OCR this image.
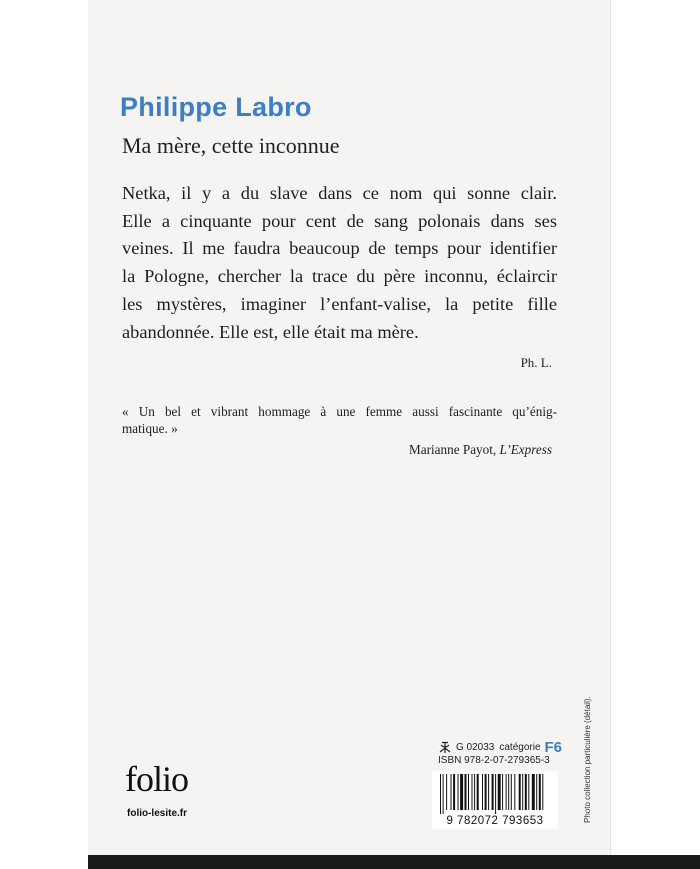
Philippe Labro
Ma mère, cette inconnue
Netka, il y a du slave dans ce nom qui sonne clair.
Elle a cinquante pour cent de sang polonais dans ses
veines. Il me faudra beaucoup de temps pour identifier
la Pologne, chercher la trace du père inconnu, éclaircir
les mystères, imaginer l’enfant-valise, la petite fille
abandonnée. Elle est, elle était ma mère.
Ph. L.
« Un bel et vibrant hommage à une femme aussi fascinante qu’énig-
matique. »
Marianne Payot, L’Express
G 02033 catégorie F6
ISBN 978-2-07-279365-3
9 782072 793653
folio
folio-lesite.fr	Photo collection particulière (détail).
